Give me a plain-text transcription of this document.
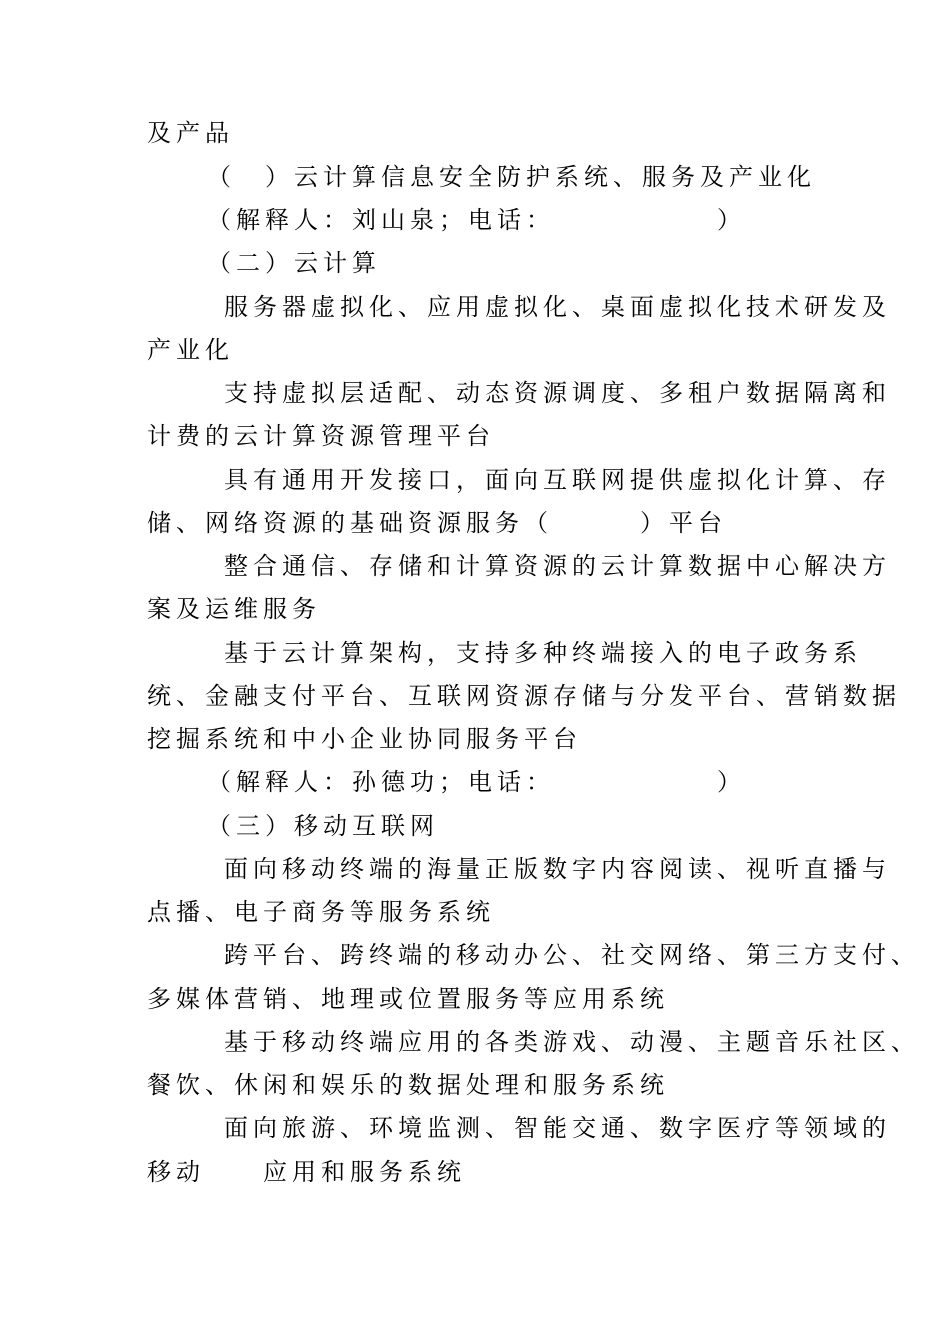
及产品
（　）云计算信息安全防护系统、服务及产业化
（解释人：刘山泉；电话：　　　　　　）
（二）云计算
服务器虚拟化、应用虚拟化、桌面虚拟化技术研发及
产业化
支持虚拟层适配、动态资源调度、多租户数据隔离和
计费的云计算资源管理平台
具有通用开发接口，面向互联网提供虚拟化计算、存
储、网络资源的基础资源服务（　　　）平台
整合通信、存储和计算资源的云计算数据中心解决方
案及运维服务
基于云计算架构，支持多种终端接入的电子政务系
统、金融支付平台、互联网资源存储与分发平台、营销数据
挖掘系统和中小企业协同服务平台
（解释人：孙德功；电话：　　　　　　）
（三）移动互联网
面向移动终端的海量正版数字内容阅读、视听直播与
点播、电子商务等服务系统
跨平台、跨终端的移动办公、社交网络、第三方支付、
多媒体营销、地理或位置服务等应用系统
基于移动终端应用的各类游戏、动漫、主题音乐社区、
餐饮、休闲和娱乐的数据处理和服务系统
面向旅游、环境监测、智能交通、数字医疗等领域的
移动　　应用和服务系统
